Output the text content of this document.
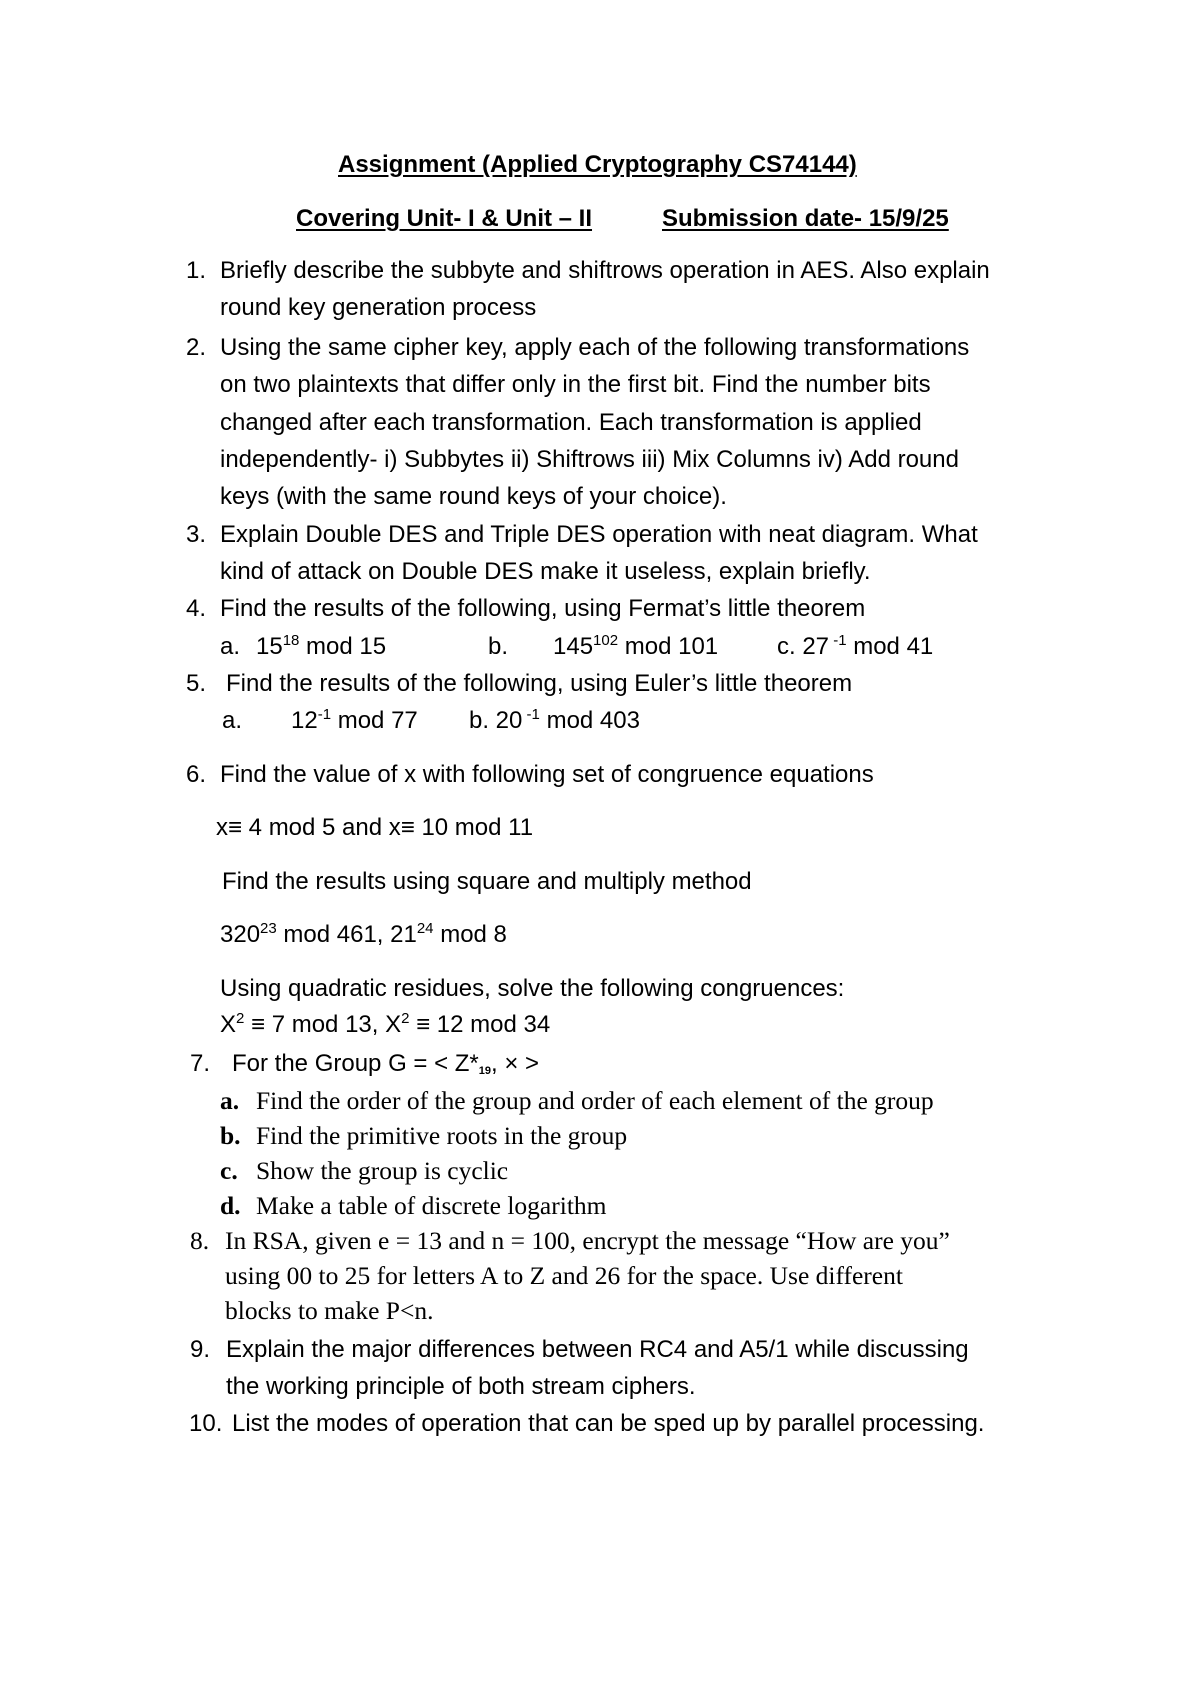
Assignment (Applied Cryptography CS74144)
Covering Unit- I & Unit – II	Submission date- 15/9/25
1. Briefly describe the subbyte and shiftrows operation in AES. Also explain
round key generation process
2. Using the same cipher key, apply each of the following transformations
on two plaintexts that differ only in the first bit. Find the number bits
changed after each transformation. Each transformation is applied
independently- i) Subbytes ii) Shiftrows iii) Mix Columns iv) Add round
keys (with the same round keys of your choice).
3. Explain Double DES and Triple DES operation with neat diagram. What
kind of attack on Double DES make it useless, explain briefly.
4. Find the results of the following, using Fermat’s little theorem
a. $15^{18}$ mod 15	b. $145^{102}$ mod 101 c. 27 $^{-1}$ mod 41
5. Find the results of the following, using Euler’s little theorem
a. $12^{-1}$ mod 77 b. 20 $^{-1}$ mod 403
6. Find the value of x with following set of congruence equations
x≡ 4 mod 5 and x≡ 10 mod 11
Find the results using square and multiply method
$320^{23}$ mod 461, $21^{24}$ mod 8
Using quadratic residues, solve the following congruences:
$X^2 \equiv 7$ mod 13, $X^2 \equiv 12$ mod 34
7. For the Group G = < $Z*_{19}$, × >
a. Find the order of the group and order of each element of the group
b. Find the primitive roots in the group
c. Show the group is cyclic
d. Make a table of discrete logarithm
8. In RSA, given e = 13 and n = 100, encrypt the message “How are you”
using 00 to 25 for letters A to Z and 26 for the space. Use different
blocks to make P<n.
9. Explain the major differences between RC4 and A5/1 while discussing
the working principle of both stream ciphers.
10. List the modes of operation that can be sped up by parallel processing.
